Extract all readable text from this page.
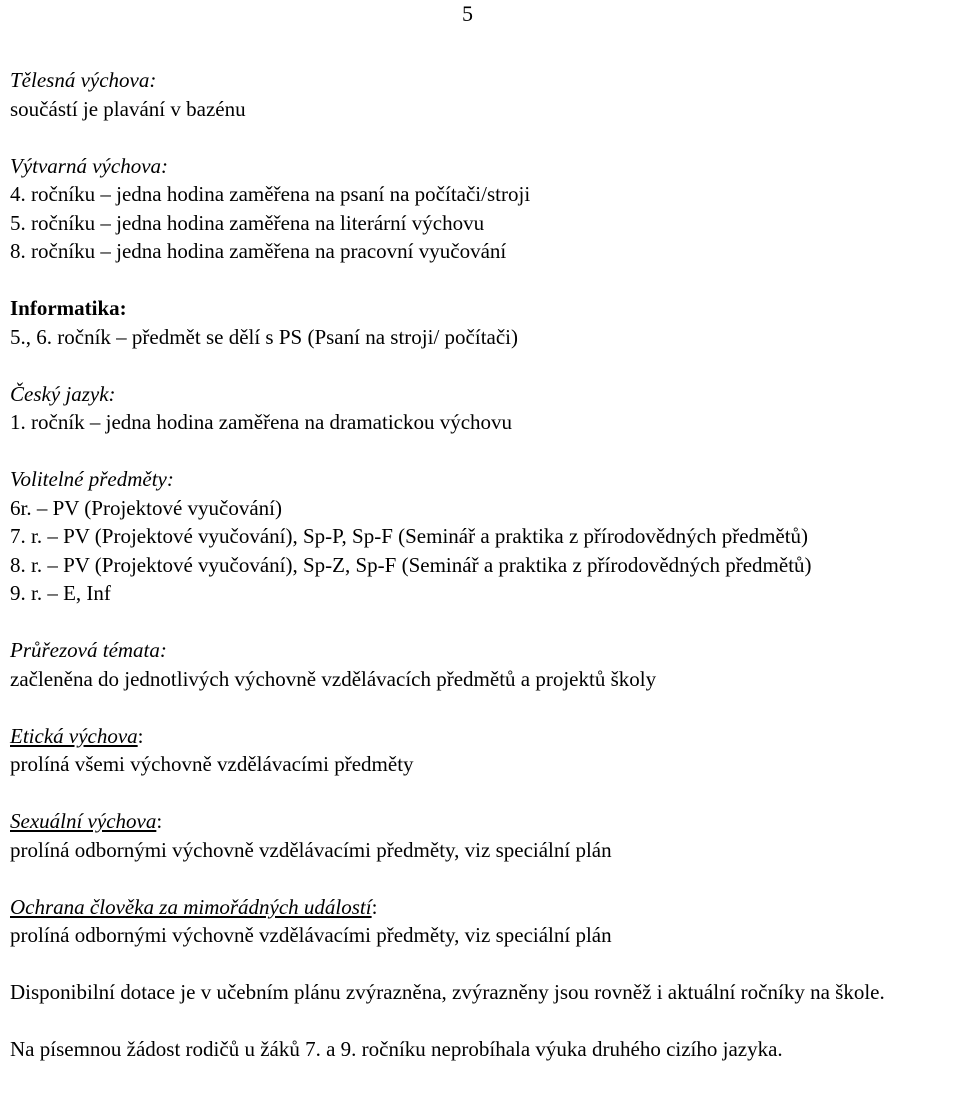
5
Tělesná výchova:
součástí je plavání v bazénu
Výtvarná výchova:
4. ročníku – jedna hodina zaměřena na psaní na počítači/stroji
5. ročníku – jedna hodina zaměřena na literární výchovu
8. ročníku – jedna hodina zaměřena na pracovní vyučování
Informatika:
5., 6. ročník – předmět se dělí s PS (Psaní na stroji/ počítači)
Český jazyk:
1. ročník – jedna hodina zaměřena na dramatickou výchovu
Volitelné předměty:
6r. – PV (Projektové vyučování)
7. r. – PV (Projektové vyučování), Sp-P, Sp-F (Seminář a praktika z přírodovědných předmětů)
8. r. – PV (Projektové vyučování), Sp-Z, Sp-F (Seminář a praktika z přírodovědných předmětů)
9. r. – E, Inf
Průřezová témata:
začleněna do jednotlivých výchovně vzdělávacích předmětů a projektů školy
Etická výchova:
prolíná všemi výchovně vzdělávacími předměty
Sexuální výchova:
prolíná odbornými výchovně vzdělávacími předměty, viz speciální plán
Ochrana člověka za mimořádných událostí:
prolíná odbornými výchovně vzdělávacími předměty, viz speciální plán
Disponibilní dotace je v učebním plánu zvýrazněna, zvýrazněny jsou rovněž i aktuální ročníky na škole.
Na písemnou žádost rodičů u žáků 7. a 9. ročníku neprobíhala výuka druhého cizího jazyka.
